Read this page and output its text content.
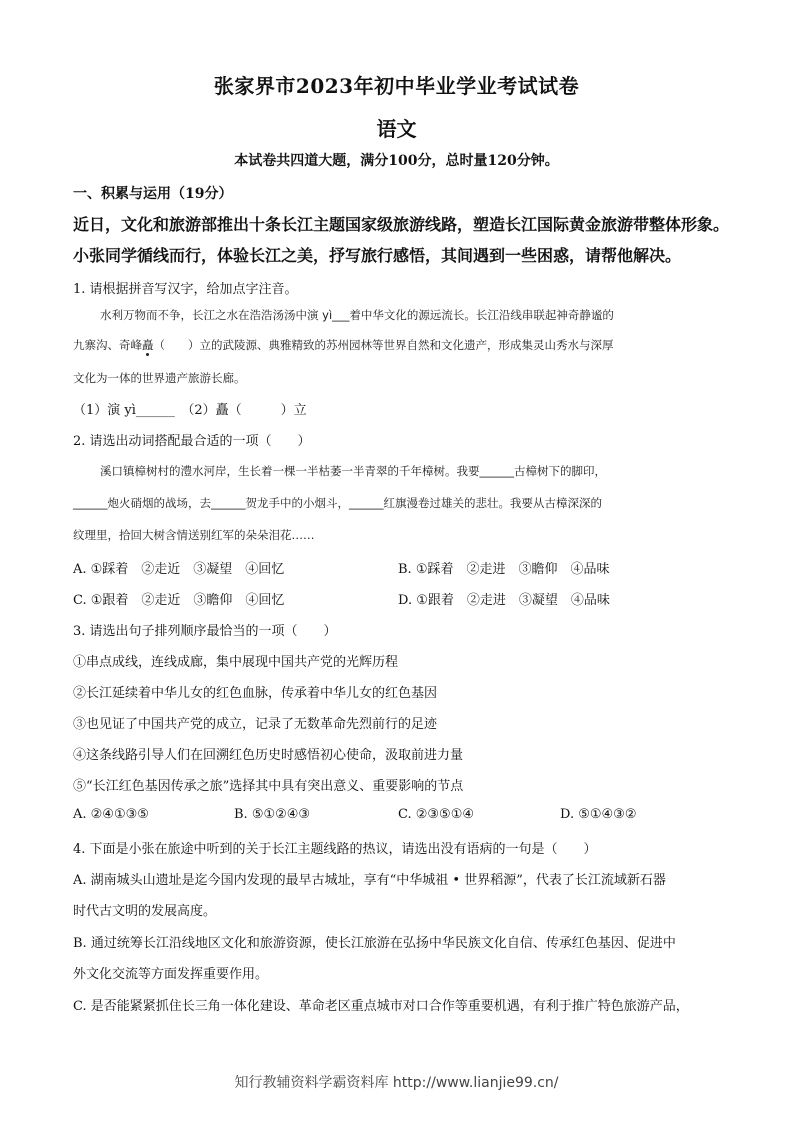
张家界市2023年初中毕业学业考试试卷
语文
本试卷共四道大题，满分100分，总时量120分钟。
一、积累与运用（19分）
近日，文化和旅游部推出十条长江主题国家级旅游线路，塑造长江国际黄金旅游带整体形象。
小张同学循线而行，体验长江之美，抒写旅行感悟，其间遇到一些困惑，请帮他解决。
1. 请根据拼音写汉字，给加点字注音。
水利万物而不争，长江之水在浩浩汤汤中演 yì___着中华文化的源远流长。长江沿线串联起神奇静谧的
九寨沟、奇峰矗（　　）立的武陵源、典雅精致的苏州园林等世界自然和文化遗产，形成集灵山秀水与深厚
文化为一体的世界遗产旅游长廊。
（1）演 yì______　（2）矗（　　　）立
2. 请选出动词搭配最合适的一项（　　）
溪口镇樟树村的澧水河岸，生长着一棵一半枯萎一半青翠的千年樟树。我要______古樟树下的脚印，
______炮火硝烟的战场，去______贺龙手中的小烟斗，______红旗漫卷过雄关的悲壮。我要从古樟深深的
纹理里，拾回大树含情送别红军的朵朵泪花……
A. ①踩着　②走近　③凝望　④回忆	B. ①踩着　②走进　③瞻仰　④品味
C. ①跟着　②走近　③瞻仰　④回忆	D. ①跟着　②走进　③凝望　④品味
3. 请选出句子排列顺序最恰当的一项（　　）
①串点成线，连线成廊，集中展现中国共产党的光辉历程
②长江延续着中华儿女的红色血脉，传承着中华儿女的红色基因
③也见证了中国共产党的成立，记录了无数革命先烈前行的足迹
④这条线路引导人们在回溯红色历史时感悟初心使命，汲取前进力量
⑤“长江红色基因传承之旅”选择其中具有突出意义、重要影响的节点
A. ②④①③⑤	B. ⑤①②④③	C. ②③⑤①④	D. ⑤①④③②
4. 下面是小张在旅途中听到的关于长江主题线路的热议，请选出没有语病的一句是（　　）
A. 湖南城头山遗址是迄今国内发现的最早古城址，享有“中华城祖 • 世界稻源”，代表了长江流域新石器
时代古文明的发展高度。
B. 通过统筹长江沿线地区文化和旅游资源，使长江旅游在弘扬中华民族文化自信、传承红色基因、促进中
外文化交流等方面发挥重要作用。
C. 是否能紧紧抓住长三角一体化建设、革命老区重点城市对口合作等重要机遇，有利于推广特色旅游产品，
知行教辅资料学霸资料库 http://www.lianjie99.cn/
